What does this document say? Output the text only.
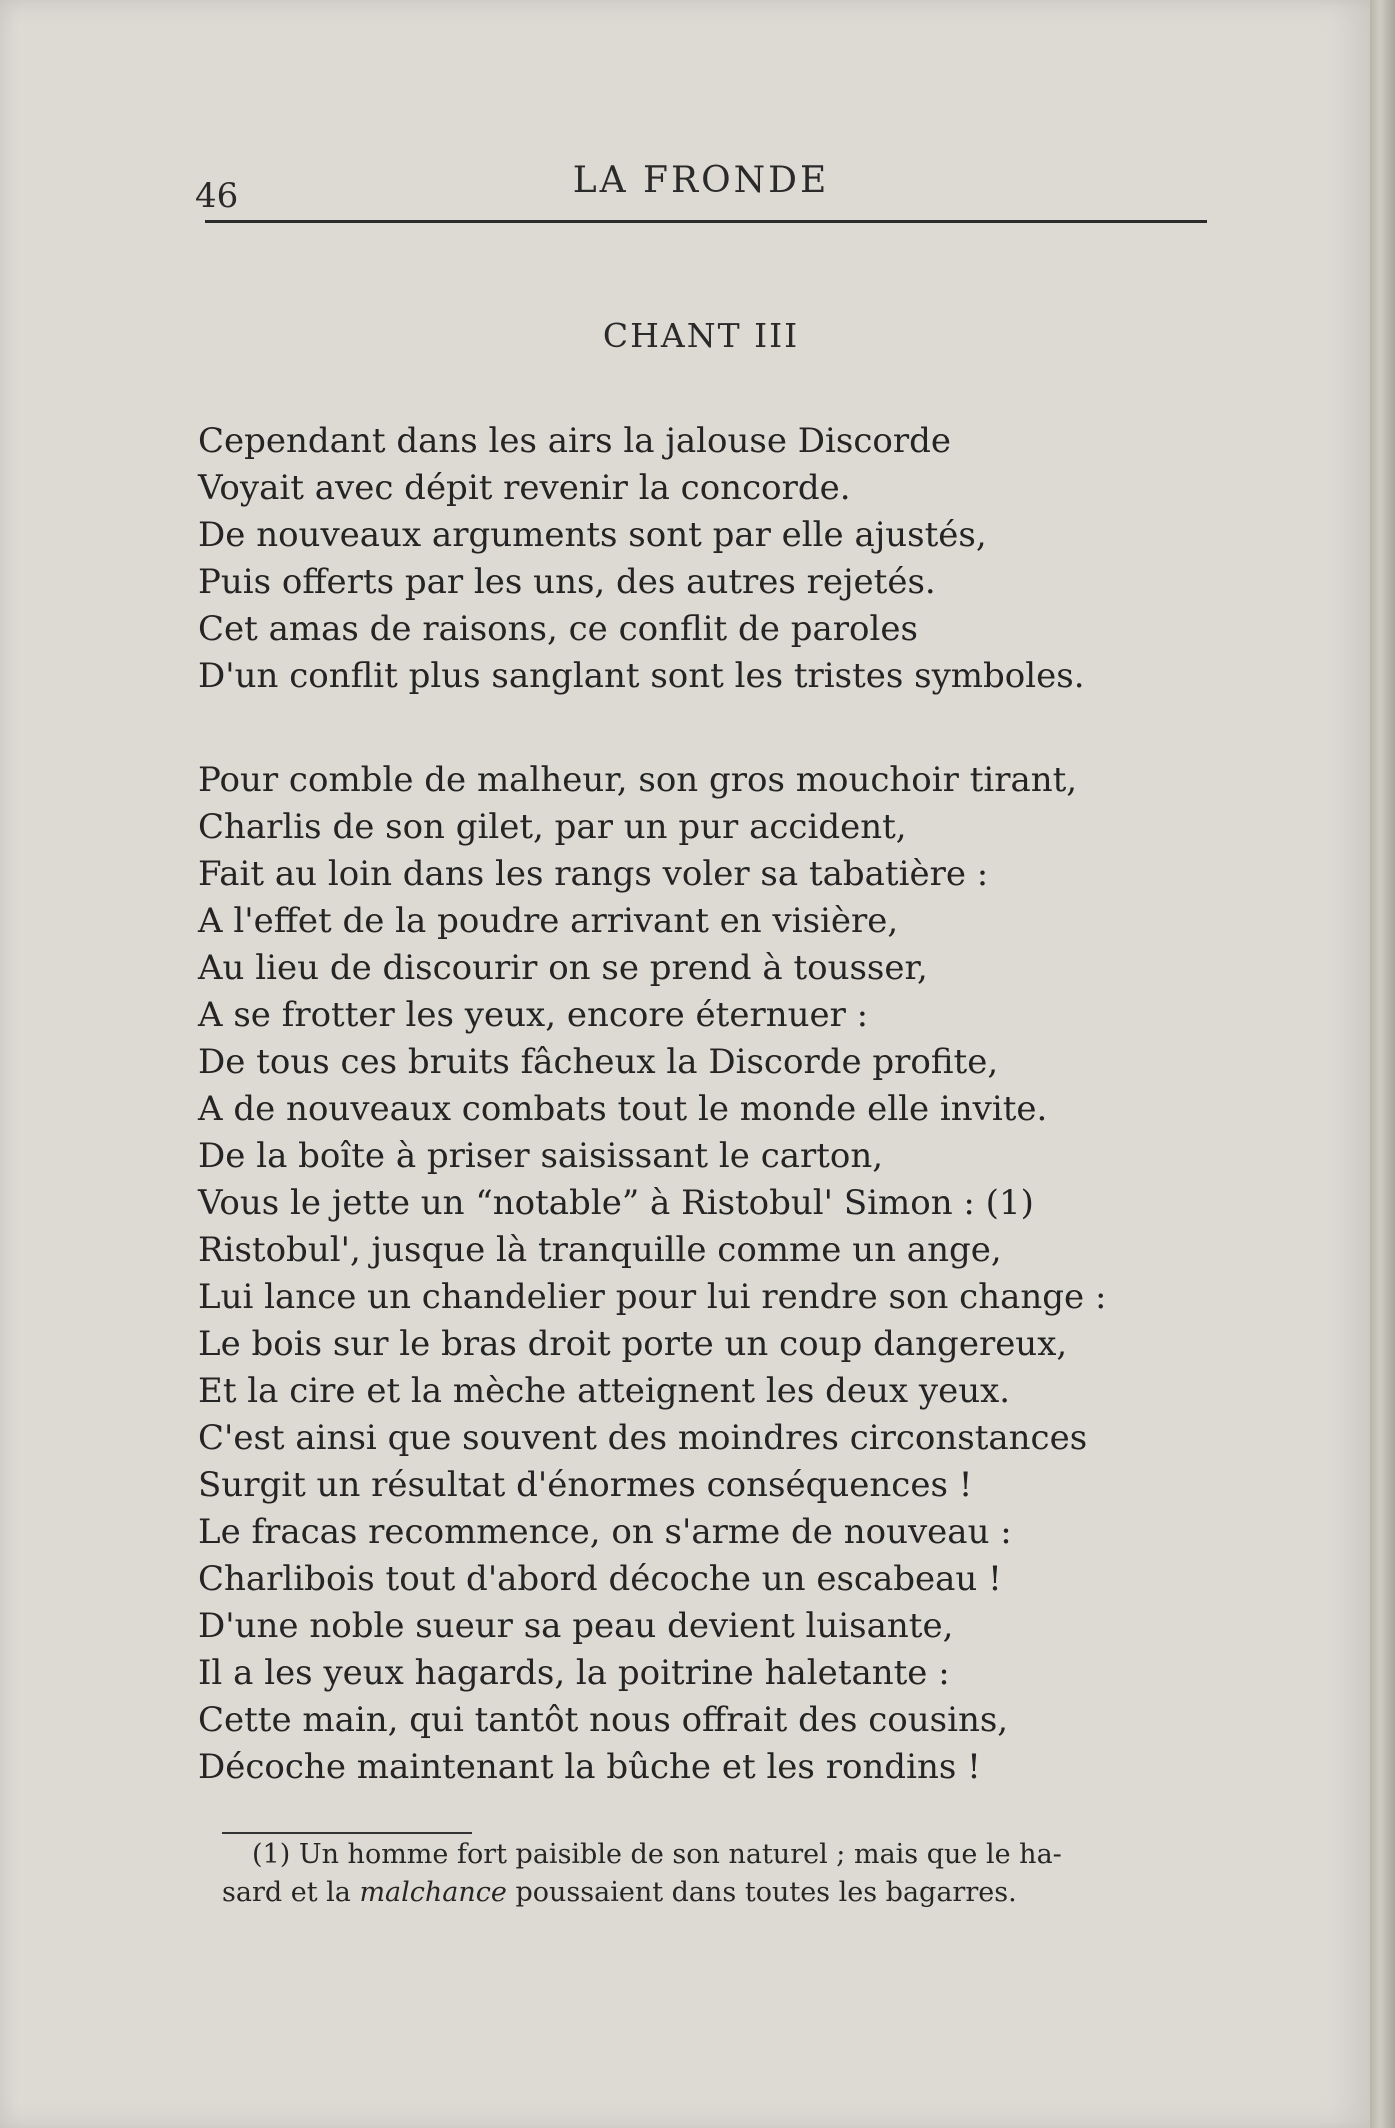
46	LA FRONDE
CHANT III
Cependant dans les airs la jalouse Discorde
Voyait avec dépit revenir la concorde.
De nouveaux arguments sont par elle ajustés,
Puis offerts par les uns, des autres rejetés.
Cet amas de raisons, ce conflit de paroles
D'un conflit plus sanglant sont les tristes symboles.
Pour comble de malheur, son gros mouchoir tirant,
Charlis de son gilet, par un pur accident,
Fait au loin dans les rangs voler sa tabatière :
A l'effet de la poudre arrivant en visière,
Au lieu de discourir on se prend à tousser,
A se frotter les yeux, encore éternuer :
De tous ces bruits fâcheux la Discorde profite,
A de nouveaux combats tout le monde elle invite.
De la boîte à priser saisissant le carton,
Vous le jette un “notable” à Ristobul' Simon : (1)
Ristobul', jusque là tranquille comme un ange,
Lui lance un chandelier pour lui rendre son change :
Le bois sur le bras droit porte un coup dangereux,
Et la cire et la mèche atteignent les deux yeux.
C'est ainsi que souvent des moindres circonstances
Surgit un résultat d'énormes conséquences !
Le fracas recommence, on s'arme de nouveau :
Charlibois tout d'abord décoche un escabeau !
D'une noble sueur sa peau devient luisante,
Il a les yeux hagards, la poitrine haletante :
Cette main, qui tantôt nous offrait des cousins,
Décoche maintenant la bûche et les rondins !
(1) Un homme fort paisible de son naturel ; mais que le ha-
sard et la malchance poussaient dans toutes les bagarres.
